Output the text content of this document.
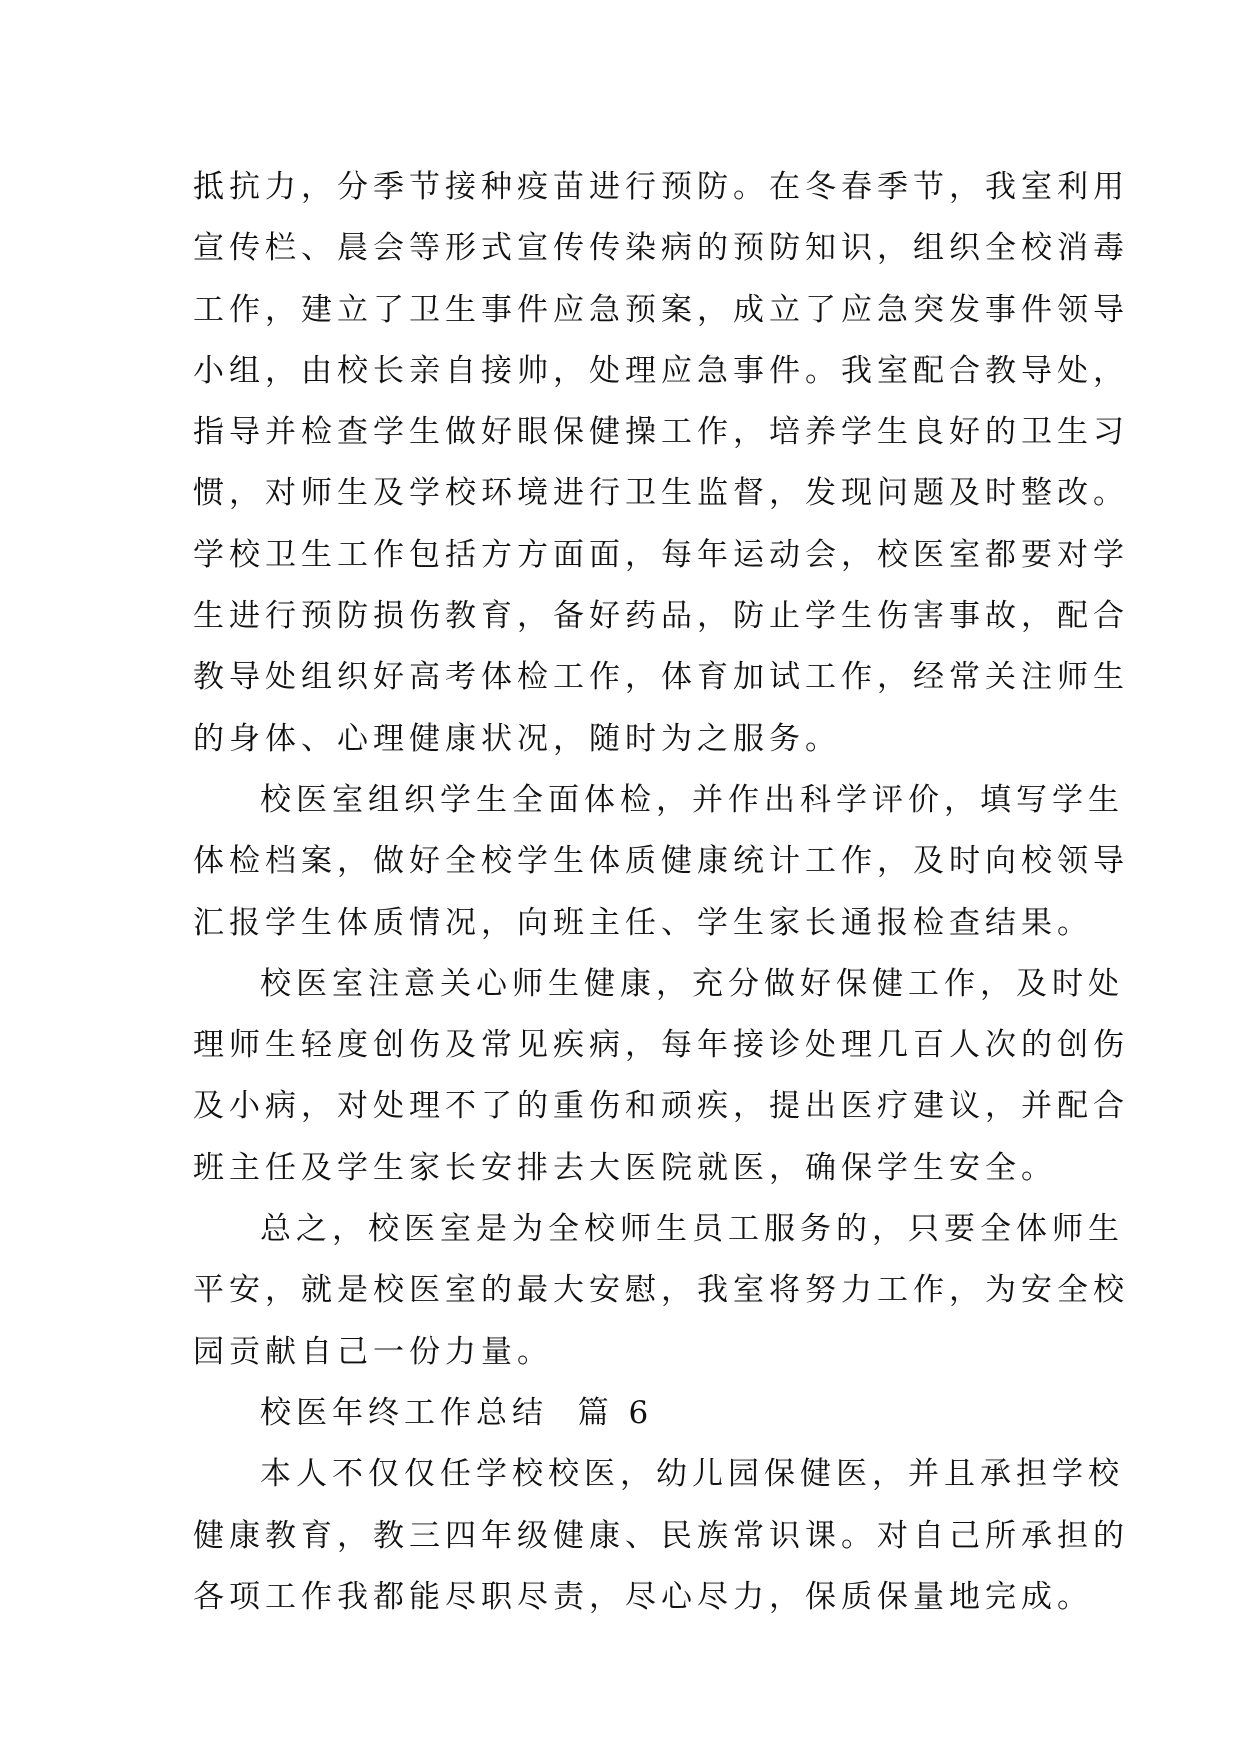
抵抗力，分季节接种疫苗进行预防。在冬春季节，我室利用
宣传栏、晨会等形式宣传传染病的预防知识，组织全校消毒
工作，建立了卫生事件应急预案，成立了应急突发事件领导
小组，由校长亲自接帅，处理应急事件。我室配合教导处，
指导并检查学生做好眼保健操工作，培养学生良好的卫生习
惯，对师生及学校环境进行卫生监督，发现问题及时整改。
学校卫生工作包括方方面面，每年运动会，校医室都要对学
生进行预防损伤教育，备好药品，防止学生伤害事故，配合
教导处组织好高考体检工作，体育加试工作，经常关注师生
的身体、心理健康状况，随时为之服务。
校医室组织学生全面体检，并作出科学评价，填写学生
体检档案，做好全校学生体质健康统计工作，及时向校领导
汇报学生体质情况，向班主任、学生家长通报检查结果。
校医室注意关心师生健康，充分做好保健工作，及时处
理师生轻度创伤及常见疾病，每年接诊处理几百人次的创伤
及小病，对处理不了的重伤和顽疾，提出医疗建议，并配合
班主任及学生家长安排去大医院就医，确保学生安全。
总之，校医室是为全校师生员工服务的，只要全体师生
平安，就是校医室的最大安慰，我室将努力工作，为安全校
园贡献自己一份力量。
校医年终工作总结  篇 6
本人不仅仅任学校校医，幼儿园保健医，并且承担学校
健康教育，教三四年级健康、民族常识课。对自己所承担的
各项工作我都能尽职尽责，尽心尽力，保质保量地完成。
